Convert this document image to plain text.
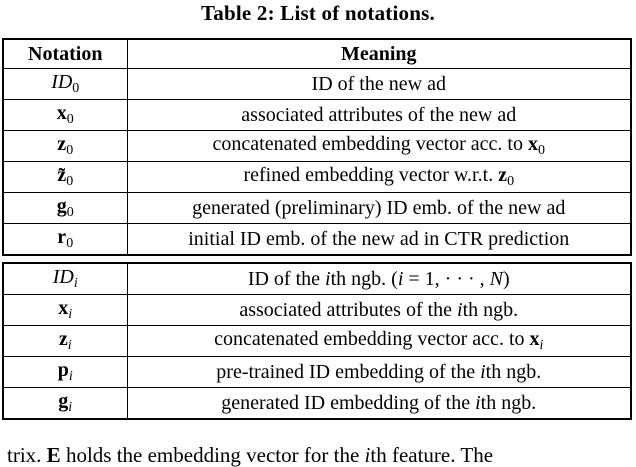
Table 2: List of notations.
Notation	Meaning
$ID_0$	ID of the new ad
$x_0$	associated attributes of the new ad
$z_0$	concatenated embedding vector acc. to $x_0$
$z̃_0$	refined embedding vector w.r.t. $z_0$
$g_0$	generated (preliminary) ID emb. of the new ad
$r_0$	initial ID emb. of the new ad in CTR prediction
$ID_i$	ID of the ith ngb. (i = 1, · · · , N)
$x_i$	associated attributes of the ith ngb.
$z_i$	concatenated embedding vector acc. to $x_i$
$p_i$	pre-trained ID embedding of the ith ngb.
$g_i$	generated ID embedding of the ith ngb.
trix. E holds the embedding vector for the ith feature. The
